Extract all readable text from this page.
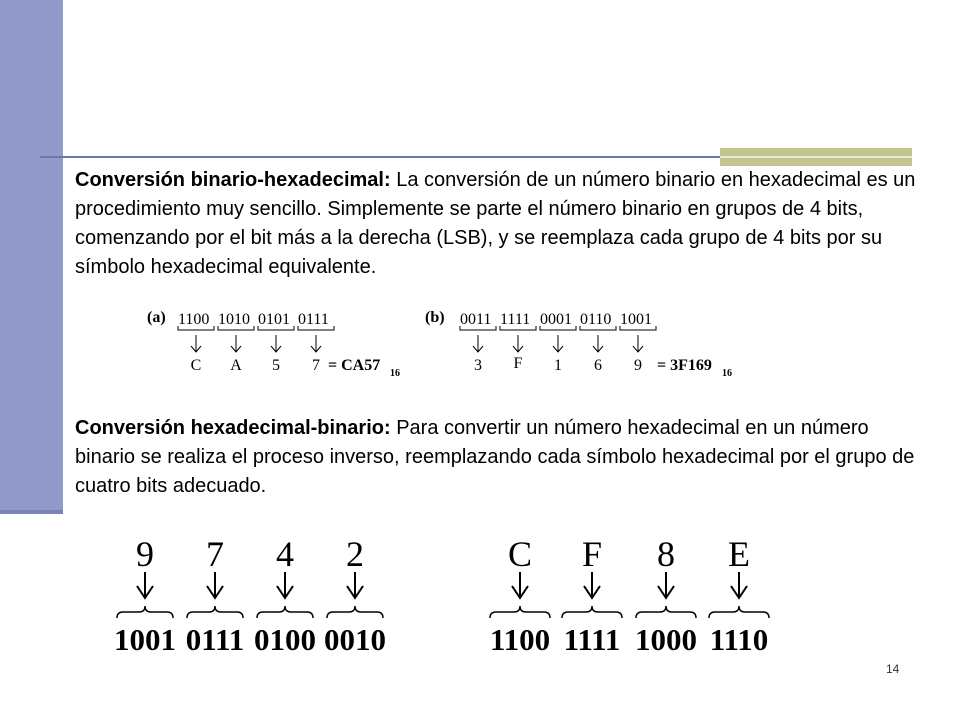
Conversión binario-hexadecimal: La conversión de un número binario en hexadecimal es un procedimiento muy sencillo. Simplemente se parte el número binario en grupos de 4 bits, comenzando por el bit más a la derecha (LSB), y se reemplaza cada grupo de 4 bits por su símbolo hexadecimal equivalente.
(a) 1100 1010 0101 0111
C A 5 7 = CA57 16
(b) 0011 1111 0001 0110 1001
3 F 1 6 9 = 3F169 16
Conversión hexadecimal-binario: Para convertir un número hexadecimal en un número binario se realiza el proceso inverso, reemplazando cada símbolo hexadecimal por el grupo de cuatro bits adecuado.
9 7 4 2
1001 0111 0100 0010
C F 8 E
1100 1111 1000 1110
14
